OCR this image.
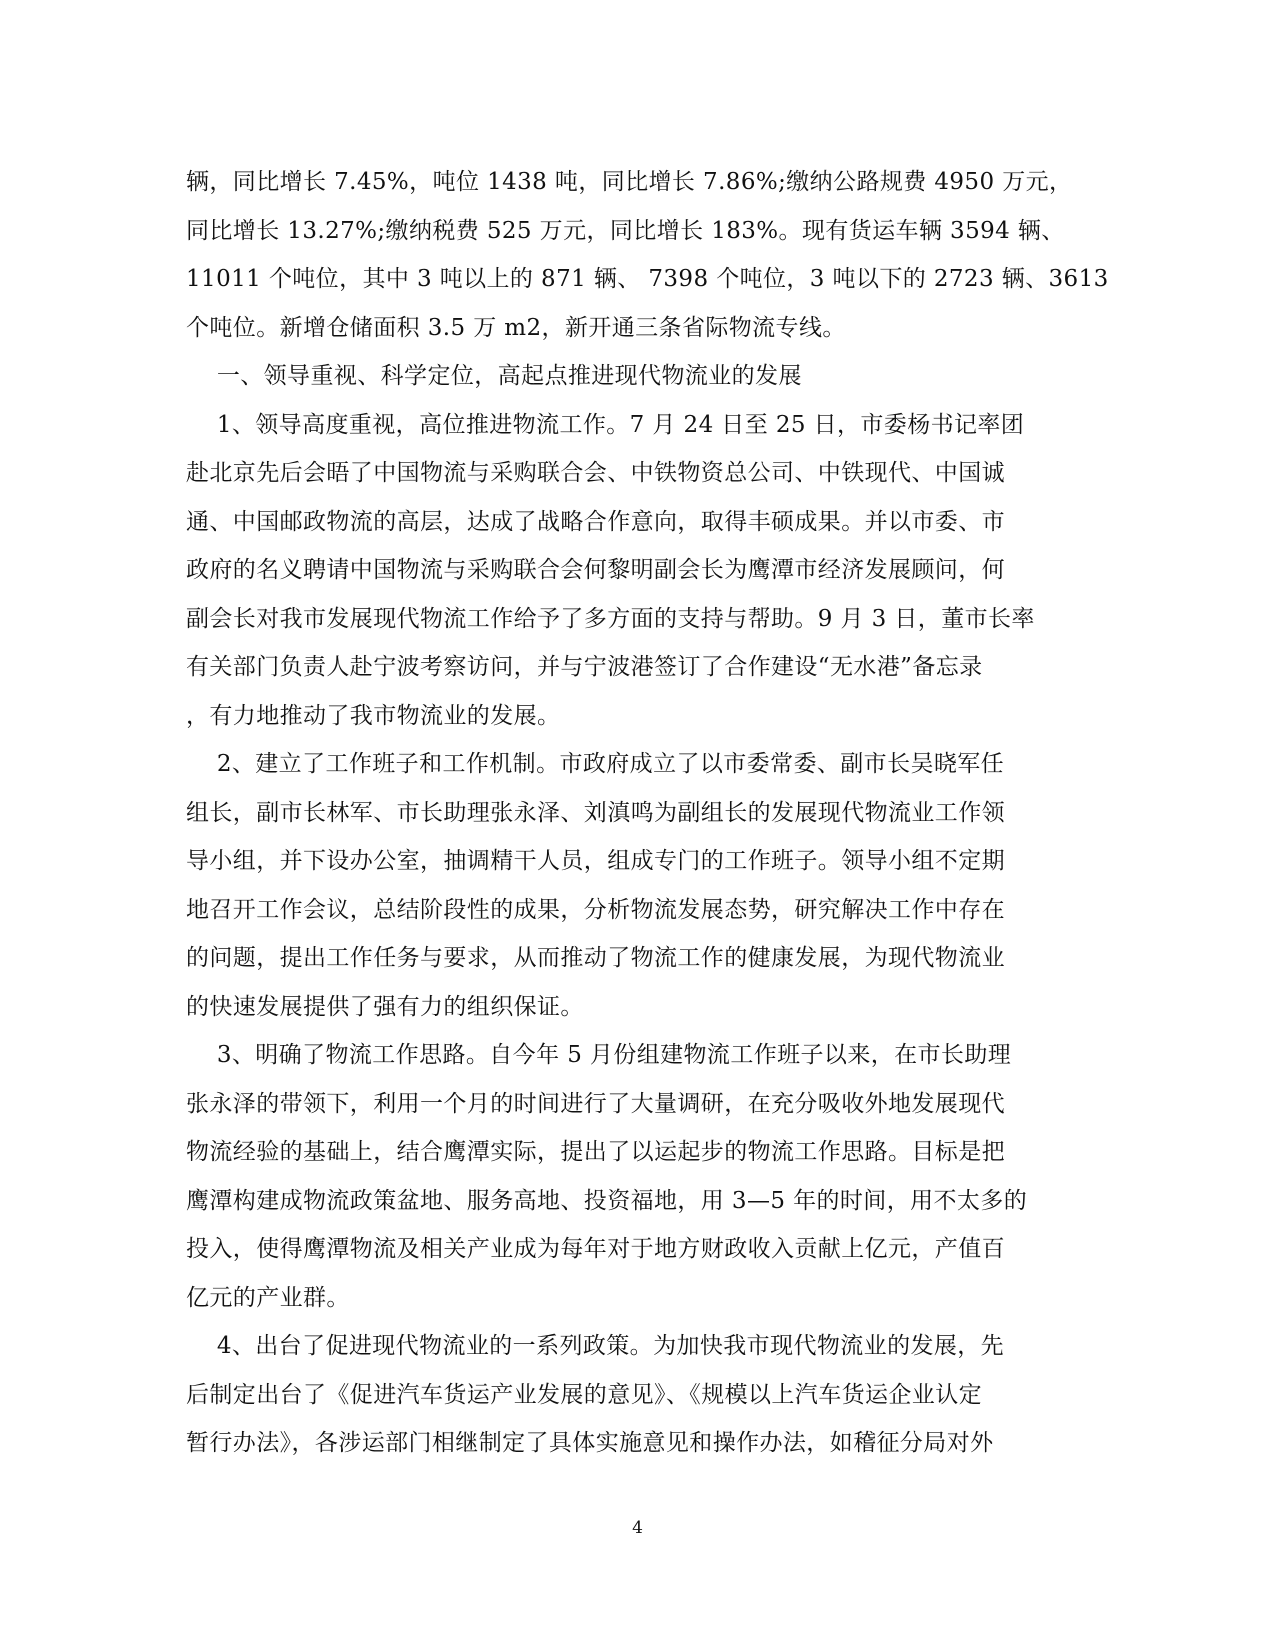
辆，同比增长 7.45%，吨位 1438 吨，同比增长 7.86%;缴纳公路规费 4950 万元，
同比增长 13.27%;缴纳税费 525 万元，同比增长 183%。现有货运车辆 3594 辆、
11011 个吨位，其中 3 吨以上的 871 辆、 7398 个吨位，3 吨以下的 2723 辆、3613
个吨位。新增仓储面积 3.5 万 m2，新开通三条省际物流专线。
一、领导重视、科学定位，高起点推进现代物流业的发展
1、领导高度重视，高位推进物流工作。7 月 24 日至 25 日，市委杨书记率团
赴北京先后会晤了中国物流与采购联合会、中铁物资总公司、中铁现代、中国诚
通、中国邮政物流的高层，达成了战略合作意向，取得丰硕成果。并以市委、市
政府的名义聘请中国物流与采购联合会何黎明副会长为鹰潭市经济发展顾问，何
副会长对我市发展现代物流工作给予了多方面的支持与帮助。9 月 3 日，董市长率
有关部门负责人赴宁波考察访问，并与宁波港签订了合作建设“无水港”备忘录
，有力地推动了我市物流业的发展。
2、建立了工作班子和工作机制。市政府成立了以市委常委、副市长吴晓军任
组长，副市长林军、市长助理张永泽、刘滇鸣为副组长的发展现代物流业工作领
导小组，并下设办公室，抽调精干人员，组成专门的工作班子。领导小组不定期
地召开工作会议，总结阶段性的成果，分析物流发展态势，研究解决工作中存在
的问题，提出工作任务与要求，从而推动了物流工作的健康发展，为现代物流业
的快速发展提供了强有力的组织保证。
3、明确了物流工作思路。自今年 5 月份组建物流工作班子以来，在市长助理
张永泽的带领下，利用一个月的时间进行了大量调研，在充分吸收外地发展现代
物流经验的基础上，结合鹰潭实际，提出了以运起步的物流工作思路。目标是把
鹰潭构建成物流政策盆地、服务高地、投资福地，用 3—5 年的时间，用不太多的
投入，使得鹰潭物流及相关产业成为每年对于地方财政收入贡献上亿元，产值百
亿元的产业群。
4、出台了促进现代物流业的一系列政策。为加快我市现代物流业的发展，先
后制定出台了《促进汽车货运产业发展的意见》、《规模以上汽车货运企业认定
暂行办法》，各涉运部门相继制定了具体实施意见和操作办法，如稽征分局对外
4
